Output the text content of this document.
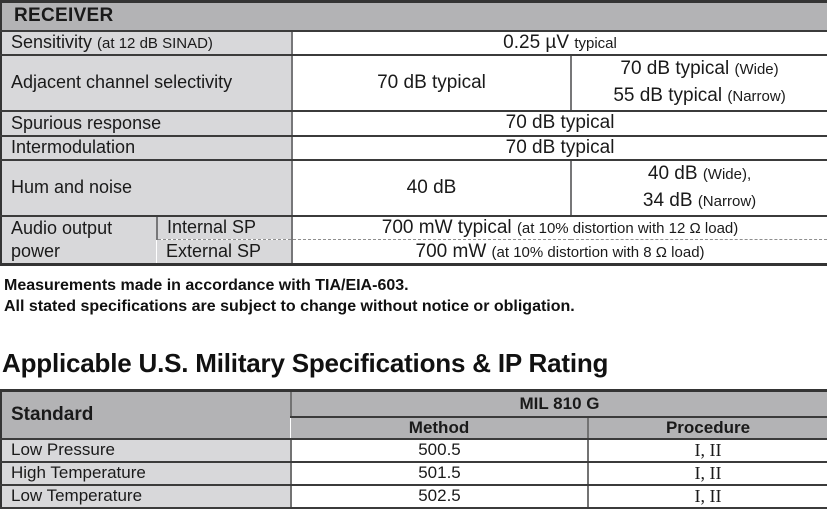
RECEIVER			
Sensitivity (at 12 dB SINAD)		0.25 µV typical	
Adjacent channel selectivity		70 dB typical	70 dB typical (Wide)
55 dB typical (Narrow)

Spurious response		70 dB typical	
Intermodulation		70 dB typical	
Hum and noise		40 dB	40 dB (Wide),
34 dB (Narrow)

Audio output power	Internal SP	700 mW typical (at 10% distortion with 12 Ω load)	
	External SP	700 mW (at 10% distortion with 8 Ω load)	
Measurements made in accordance with TIA/EIA-603.
All stated specifications are subject to change without notice or obligation.
Applicable U.S. Military Specifications & IP Rating
Standard	MIL 810 G	
	Method	Procedure
Low Pressure	500.5	I, II
High Temperature	501.5	I, II
Low Temperature	502.5	I, II
